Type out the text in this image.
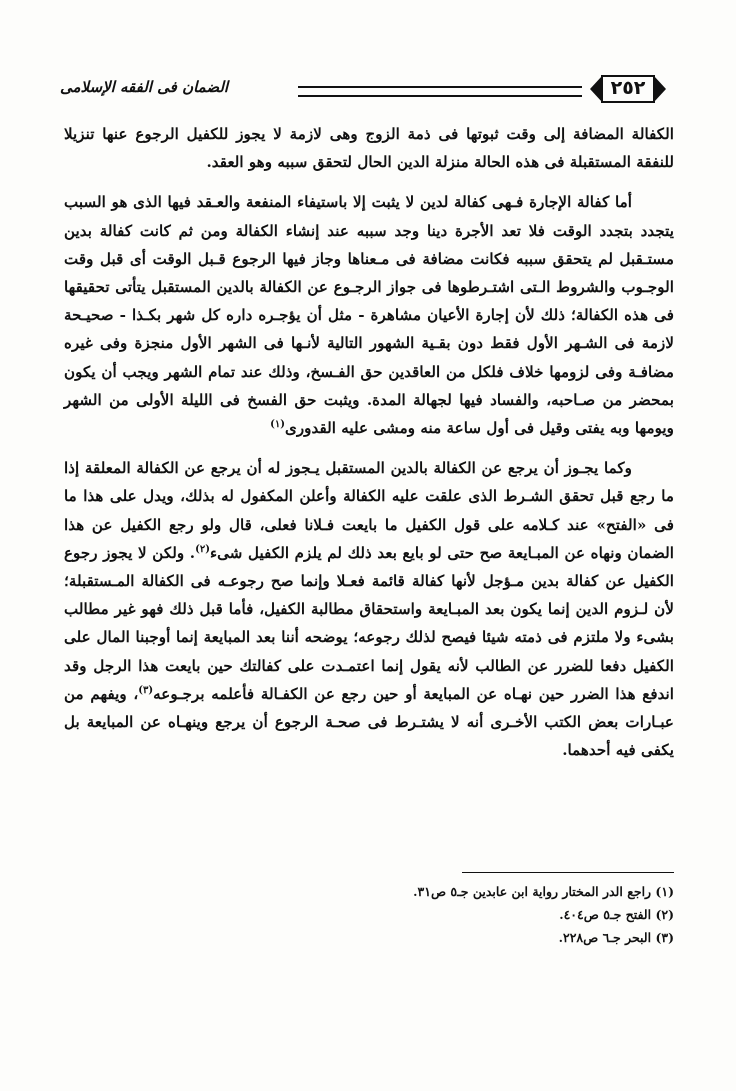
الضمان فى الفقه الإسلامى	٢٥٢

الكفالة المضافة إلى وقت ثبوتها فى ذمة الزوج وهى لازمة لا يجوز للكفيل الرجوع عنها تنزيلا للنفقة المستقبلة فى هذه الحالة منزلة الدين الحال لتحقق سببه وهو العقد.

أما كفالة الإجارة فـهى كفالة لدين لا يثبت إلا باستيفاء المنفعة والعـقد فيها الذى هو السبب يتجدد بتجدد الوقت فلا تعد الأجرة دينا وجد سببه عند إنشاء الكفالة ومن ثم كانت كفالة بدين مستـقبل لم يتحقق سببه فكانت مضافة فى مـعناها وجاز فيها الرجوع قـبل الوقت أى قبل وقت الوجـوب والشروط الـتى اشتـرطوها فى جواز الرجـوع عن الكفالة بالدين المستقبل يتأتى تحقيقها فى هذه الكفالة؛ ذلك لأن إجارة الأعيان مشاهرة - مثل أن يؤجـره داره كل شهر بكـذا - صحيـحة لازمة فى الشـهر الأول فقط دون بقـية الشهور التالية لأنـها فى الشهر الأول منجزة وفى غيره مضافـة وفى لزومها خلاف فلكل من العاقدين حق الفـسخ، وذلك عند تمام الشهر ويجب أن يكون بمحضر من صـاحبه، والفساد فيها لجهالة المدة. ويثبت حق الفسخ فى الليلة الأولى من الشهر ويومها وبه يفتى وقيل فى أول ساعة منه ومشى عليه القدورى$^{(١)}$

وكما يجـوز أن يرجع عن الكفالة بالدين المستقبل يـجوز له أن يرجع عن الكفالة المعلقة إذا ما رجع قبل تحقق الشـرط الذى علقت عليه الكفالة وأعلن المكفول له بذلك، ويدل على هذا ما فى «الفتح» عند كـلامه على قول الكفيل ما بايعت فـلانا فعلى، قال ولو رجع الكفيل عن هذا الضمان ونهاه عن المبـايعة صح حتى لو بايع بعد ذلك لم يلزم الكفيل شىء$^{(٢)}$. ولكن لا يجوز رجوع الكفيل عن كفالة بدين مـؤجل لأنها كفالة قائمة فعـلا وإنما صح رجوعـه فى الكفالة المـستقبلة؛ لأن لـزوم الدين إنما يكون بعد المبـايعة واستحقاق مطالبة الكفيل، فأما قبل ذلك فهو غير مطالب بشىء ولا ملتزم فى ذمته شيئا فيصح لذلك رجوعه؛ يوضحه أننا بعد المبايعة إنما أوجبنا المال على الكفيل دفعا للضرر عن الطالب لأنه يقول إنما اعتمـدت على كفالتك حين بايعت هذا الرجل وقد اندفع هذا الضرر حين نهـاه عن المبايعة أو حين رجع عن الكفـالة فأعلمه برجـوعه$^{(٣)}$، ويفهم من عبـارات بعض الكتب الأخـرى أنه لا يشتـرط فى صحـة الرجوع أن يرجع وينهـاه عن المبايعة بل يكفى فيه أحدهما.

(١) راجع الدر المختار رواية ابن عابدين جـ٥ ص٣١.
(٢) الفتح جـ٥ ص٤٠٤.
(٣) البحر جـ٦ ص٢٢٨.
